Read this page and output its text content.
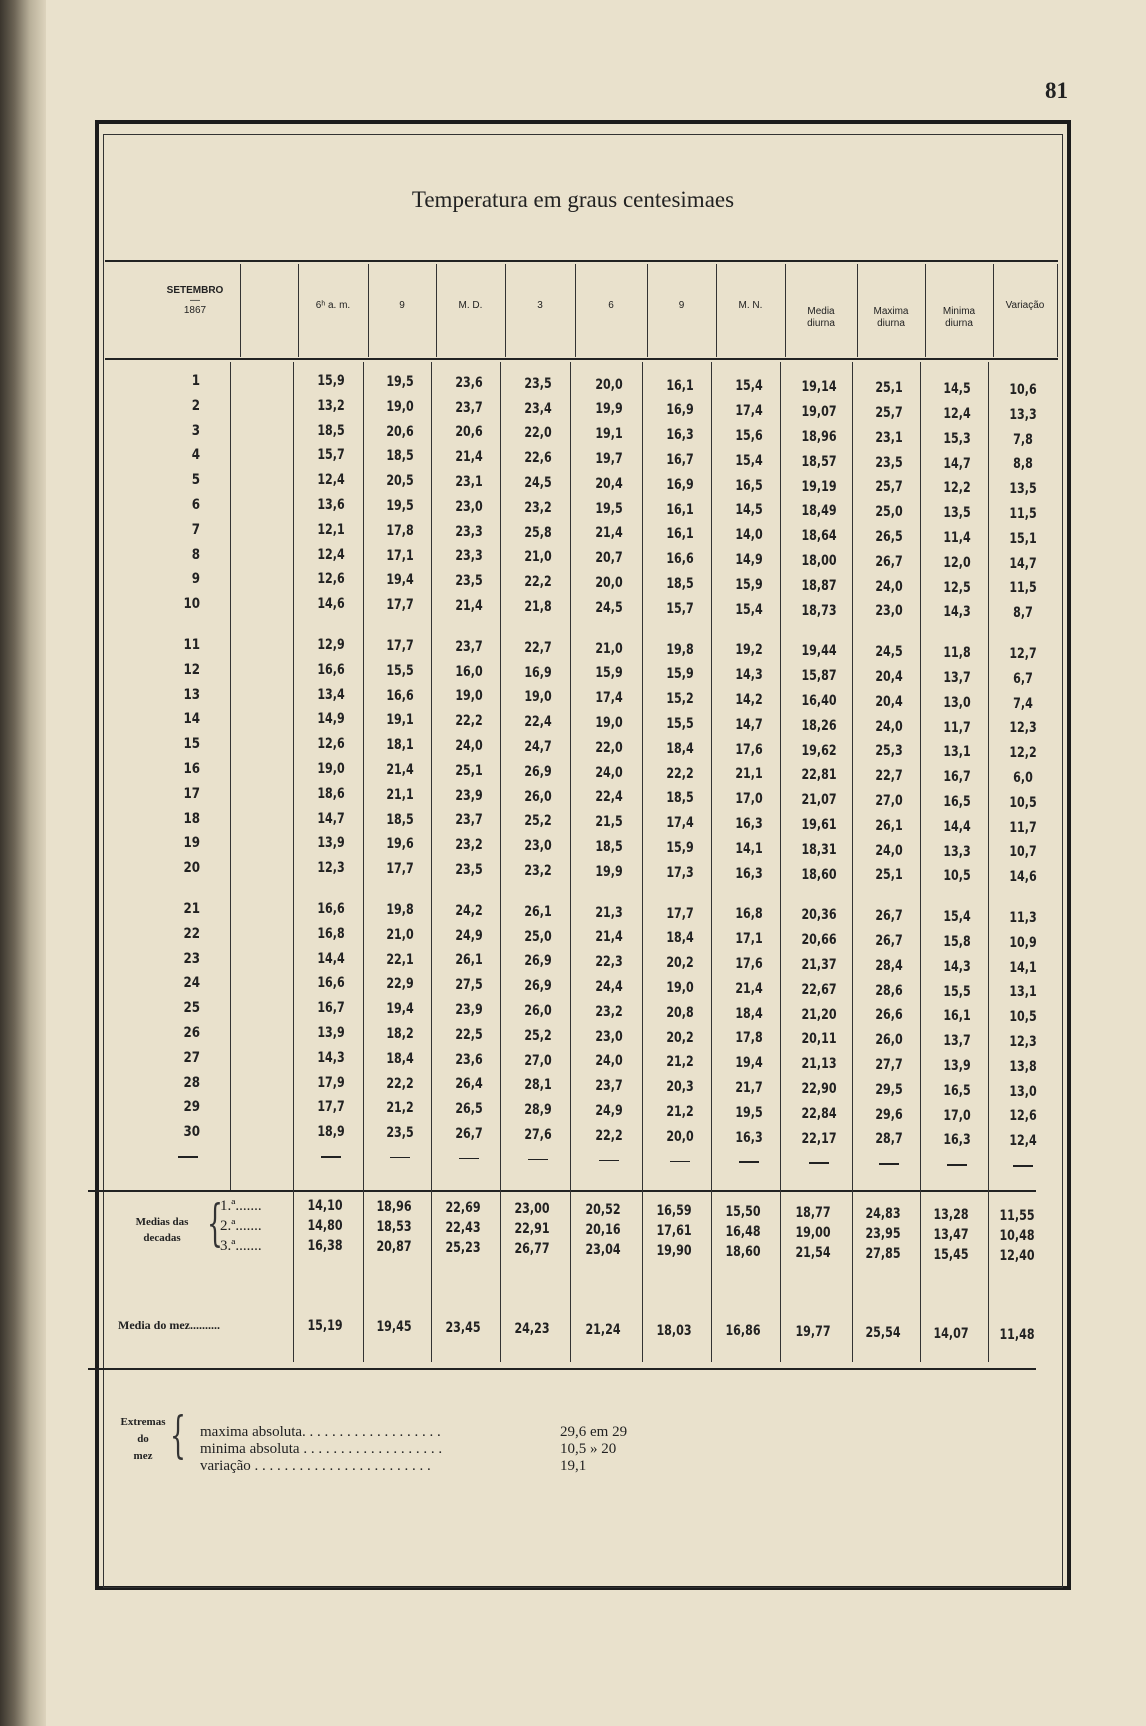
81
Temperatura em graus centesimaes
SETEMBRO
—
1867	6ʰ a. m.	9	M. D.	3	6	9	M. N.
Media
diurna
Maxima
diurna
Minima
diurna
Variação
1	15,9	19,5	23,6	23,5	20,0	16,1	15,4	19,14	25,1	14,5	10,6
2	13,2	19,0	23,7	23,4	19,9	16,9	17,4	19,07	25,7	12,4	13,3
3	18,5	20,6	20,6	22,0	19,1	16,3	15,6	18,96	23,1	15,3	7,8
4	15,7	18,5	21,4	22,6	19,7	16,7	15,4	18,57	23,5	14,7	8,8
5	12,4	20,5	23,1	24,5	20,4	16,9	16,5	19,19	25,7	12,2	13,5
6	13,6	19,5	23,0	23,2	19,5	16,1	14,5	18,49	25,0	13,5	11,5
7	12,1	17,8	23,3	25,8	21,4	16,1	14,0	18,64	26,5	11,4	15,1
8	12,4	17,1	23,3	21,0	20,7	16,6	14,9	18,00	26,7	12,0	14,7
9	12,6	19,4	23,5	22,2	20,0	18,5	15,9	18,87	24,0	12,5	11,5
10	14,6	17,7	21,4	21,8	24,5	15,7	15,4	18,73	23,0	14,3	8,7
11	12,9	17,7	23,7	22,7	21,0	19,8	19,2	19,44	24,5	11,8	12,7
12	16,6	15,5	16,0	16,9	15,9	15,9	14,3	15,87	20,4	13,7	6,7
13	13,4	16,6	19,0	19,0	17,4	15,2	14,2	16,40	20,4	13,0	7,4
14	14,9	19,1	22,2	22,4	19,0	15,5	14,7	18,26	24,0	11,7	12,3
15	12,6	18,1	24,0	24,7	22,0	18,4	17,6	19,62	25,3	13,1	12,2
16	19,0	21,4	25,1	26,9	24,0	22,2	21,1	22,81	22,7	16,7	6,0
17	18,6	21,1	23,9	26,0	22,4	18,5	17,0	21,07	27,0	16,5	10,5
18	14,7	18,5	23,7	25,2	21,5	17,4	16,3	19,61	26,1	14,4	11,7
19	13,9	19,6	23,2	23,0	18,5	15,9	14,1	18,31	24,0	13,3	10,7
20	12,3	17,7	23,5	23,2	19,9	17,3	16,3	18,60	25,1	10,5	14,6
21	16,6	19,8	24,2	26,1	21,3	17,7	16,8	20,36	26,7	15,4	11,3
22	16,8	21,0	24,9	25,0	21,4	18,4	17,1	20,66	26,7	15,8	10,9
23	14,4	22,1	26,1	26,9	22,3	20,2	17,6	21,37	28,4	14,3	14,1
24	16,6	22,9	27,5	26,9	24,4	19,0	21,4	22,67	28,6	15,5	13,1
25	16,7	19,4	23,9	26,0	23,2	20,8	18,4	21,20	26,6	16,1	10,5
26	13,9	18,2	22,5	25,2	23,0	20,2	17,8	20,11	26,0	13,7	12,3
27	14,3	18,4	23,6	27,0	24,0	21,2	19,4	21,13	27,7	13,9	13,8
28	17,9	22,2	26,4	28,1	23,7	20,3	21,7	22,90	29,5	16,5	13,0
29	17,7	21,2	26,5	28,9	24,9	21,2	19,5	22,84	29,6	17,0	12,6
30	18,9	23,5	26,7	27,6	22,2	20,0	16,3	22,17	28,7	16,3	12,4
Medias das
decadas {
1.ª.......	14,10	18,96	22,69	23,00	20,52	16,59	15,50	18,77	24,83	13,28	11,55
2.ª.......	14,80	18,53	22,43	22,91	20,16	17,61	16,48	19,00	23,95	13,47	10,48
3.ª.......	16,38	20,87	25,23	26,77	23,04	19,90	18,60	21,54	27,85	15,45	12,40
Media do mez..........	15,19	19,45	23,45	24,23	21,24	18,03	16,86	19,77	25,54	14,07	11,48
Extremas
do
mez { maxima absoluta. . . . . . . . . . . . . . . . . . .	29,6 em 29
minima absoluta . . . . . . . . . . . . . . . . . . .	10,5 » 20
variação . . . . . . . . . . . . . . . . . . . . . . . .	19,1
